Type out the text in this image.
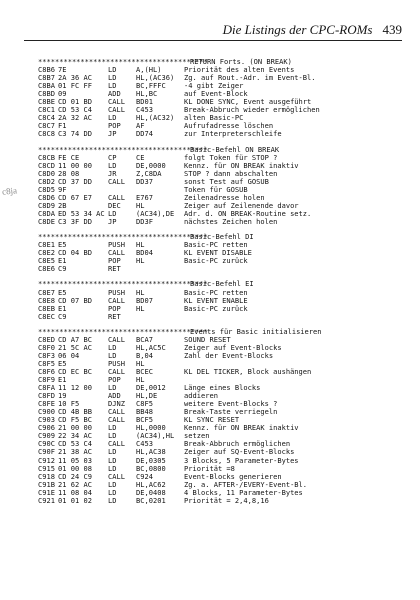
Die Listings der CPC-ROMs 439
c8ja
****************************************
RETURN Forts. (ON BREAK)
C8B6 7E	LD	A,(HL)	Priorität des alten Events
C8B7 2A 36 AC	LD	HL,(AC36)	Zg. auf Rout.-Adr. im Event-Bl.
C8BA 01 FC FF	LD	BC,FFFC	-4 gibt Zeiger
C8BD 09	ADD	HL,BC	auf Event-Block
C8BE CD 01 BD	CALL	BD01	KL DONE SYNC, Event ausgeführt
C8C1 CD 53 C4	CALL	C453	Break-Abbruch wieder ermöglichen
C8C4 2A 32 AC	LD	HL,(AC32)	alten Basic-PC
C8C7 F1	POP	AF	Aufrufadresse löschen
C8C8 C3 74 DD	JP	DD74	zur Interpreterschleife
****************************************
Basic-Befehl ON BREAK
C8CB FE CE	CP	CE	folgt Token für STOP ?
C8CD 11 00 00	LD	DE,0000	Kennz. für ON BREAK inaktiv
C8D0 28 08	JR	Z,C8DA	STOP ? dann abschalten
C8D2 CD 37 DD	CALL	DD37	sonst Test auf GOSUB
C8D5 9F	Token für GOSUB
C8D6 CD 67 E7	CALL	E767	Zeilenadresse holen
C8D9 2B	DEC	HL	Zeiger auf Zeilenende davor
C8DA ED 53 34 AC LD	(AC34),DE	Adr. d. ON BREAK-Routine setz.
C8DE C3 3F DD	JP	DD3F	nächstes Zeichen holen
****************************************
Basic-Befehl DI
C8E1 E5	PUSH	HL	Basic-PC retten
C8E2 CD 04 BD	CALL	BD04	KL EVENT DISABLE
C8E5 E1	POP	HL	Basic-PC zurück
C8E6 C9	RET
****************************************
Basic-Befehl EI
C8E7 E5	PUSH	HL	Basic-PC retten
C8E8 CD 07 BD	CALL	BD07	KL EVENT ENABLE
C8EB E1	POP	HL	Basic-PC zurück
C8EC C9	RET
****************************************
Events für Basic initialisieren
C8ED CD A7 BC	CALL	BCA7	SOUND RESET
C8F0 21 5C AC	LD	HL,AC5C	Zeiger auf Event-Blocks
C8F3 06 04	LD	B,04	Zahl der Event-Blocks
C8F5 E5	PUSH	HL
C8F6 CD EC BC	CALL	BCEC	KL DEL TICKER, Block aushängen
C8F9 E1	POP	HL
C8FA 11 12 00	LD	DE,0012	Länge eines Blocks
C8FD 19	ADD	HL,DE	addieren
C8FE 10 F5	DJNZ	C8F5	weitere Event-Blocks ?
C900 CD 4B BB	CALL	BB48	Break-Taste verriegeln
C903 CD F5 BC	CALL	BCF5	KL SYNC RESET
C906 21 00 00	LD	HL,0000	Kennz. für ON BREAK inaktiv
C909 22 34 AC	LD	(AC34),HL	setzen
C90C CD 53 C4	CALL	C453	Break-Abbruch ermöglichen
C90F 21 38 AC	LD	HL,AC38	Zeiger auf SQ-Event-Blocks
C912 11 05 03	LD	DE,0305	3 Blocks, 5 Parameter-Bytes
C915 01 00 08	LD	BC,0800	Priorität =8
C918 CD 24 C9	CALL	C924	Event-Blocks generieren
C91B 21 62 AC	LD	HL,AC62	Zg. a. AFTER-/EVERY-Event-Bl.
C91E 11 08 04	LD	DE,0408	4 Blocks, 11 Parameter-Bytes
C921 01 01 02	LD	BC,0201	Priorität = 2,4,8,16
